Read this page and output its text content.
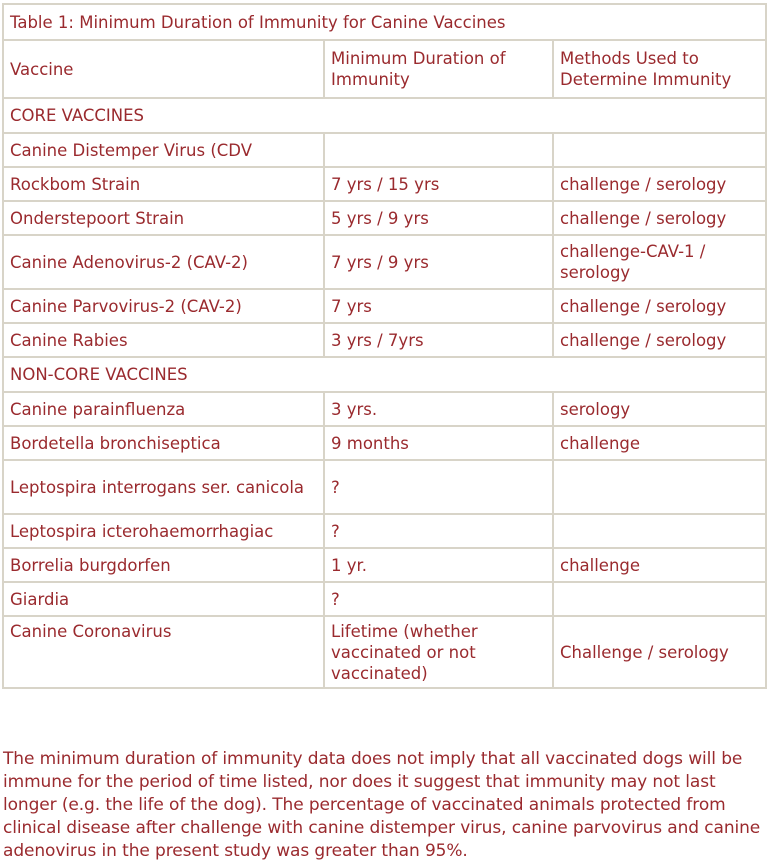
Table 1: Minimum Duration of Immunity for Canine Vaccines		
Vaccine	Minimum Duration of Immunity	Methods Used to Determine Immunity
CORE VACCINES		
Canine Distemper Virus (CDV		
Rockbom Strain	7 yrs / 15 yrs	challenge / serology
Onderstepoort Strain	5 yrs / 9 yrs	challenge / serology
Canine Adenovirus-2 (CAV-2)	7 yrs / 9 yrs	challenge-CAV-1 / serology
Canine Parvovirus-2 (CAV-2)	7 yrs	challenge / serology
Canine Rabies	3 yrs / 7yrs	challenge / serology
NON-CORE VACCINES		
Canine parainfluenza	3 yrs.	serology
Bordetella bronchiseptica	9 months	challenge
Leptospira interrogans ser. canicola	?	
Leptospira icterohaemorrhagiac	?	
Borrelia burgdorfen	1 yr.	challenge
Giardia	?	
Canine Coronavirus	Lifetime (whether vaccinated or not vaccinated)	Challenge / serology

The minimum duration of immunity data does not imply that all vaccinated dogs will be immune for the period of time listed, nor does it suggest that immunity may not last longer (e.g. the life of the dog). The percentage of vaccinated animals protected from clinical disease after challenge with canine distemper virus, canine parvovirus and canine adenovirus in the present study was greater than 95%.
